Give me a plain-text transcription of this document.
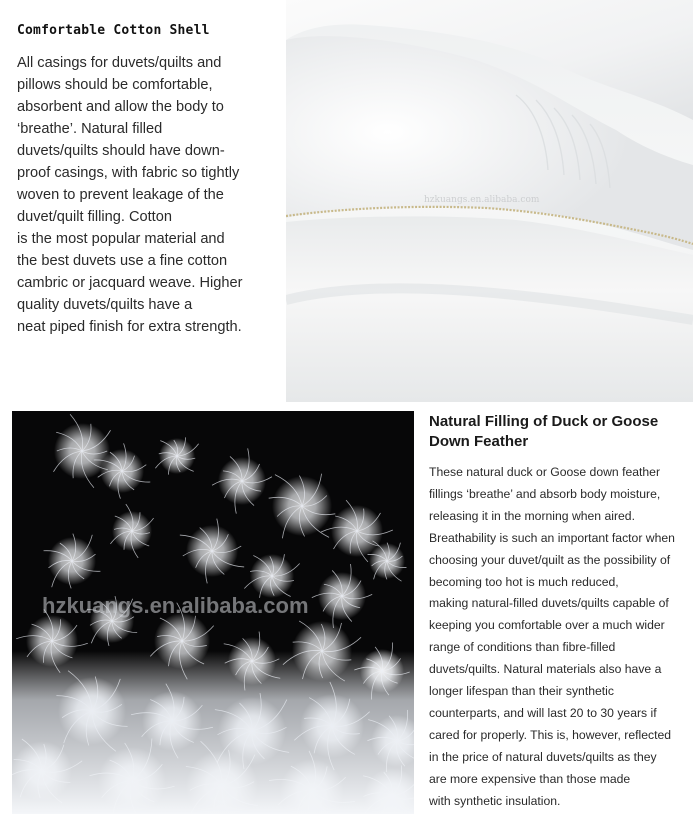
Comfortable Cotton Shell
All casings for duvets/quilts and
pillows should be comfortable,
absorbent and allow the body to
‘breathe’. Natural filled
duvets/quilts should have down-
proof casings, with fabric so tightly
woven to prevent leakage of the
duvet/quilt filling. Cotton
is the most popular material and
the best duvets use a fine cotton
cambric or jacquard weave. Higher
quality duvets/quilts have a
neat piped finish for extra strength.
hzkuangs.en.alibaba.com
hzkuangs.en.alibaba.com
Natural Filling of Duck or Goose Down Feather
These natural duck or Goose down feather
fillings ‘breathe’ and absorb body moisture,
releasing it in the morning when aired.
Breathability is such an important factor when
choosing your duvet/quilt as the possibility of
becoming too hot is much reduced,
making natural-filled duvets/quilts capable of
keeping you comfortable over a much wider
range of conditions than fibre-filled
duvets/quilts. Natural materials also have a
longer lifespan than their synthetic
counterparts, and will last 20 to 30 years if
cared for properly. This is, however, reflected
in the price of natural duvets/quilts as they
are more expensive than those made
with synthetic insulation.
